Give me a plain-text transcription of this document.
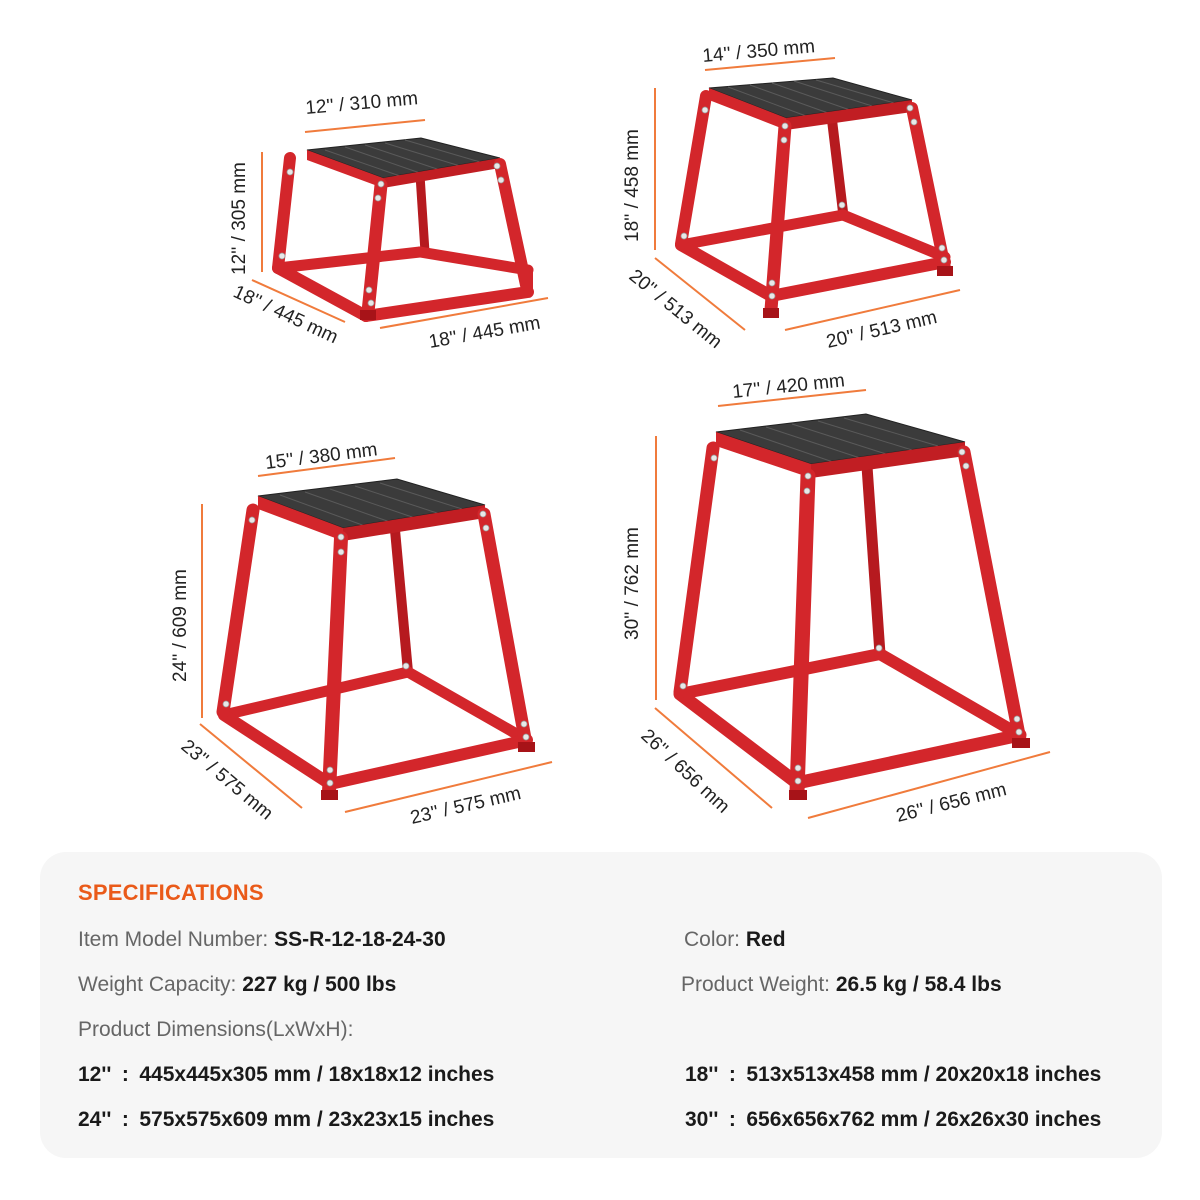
12'' / 310 mm
12'' / 305 mm
18'' / 445 mm	18'' / 445 mm
14'' / 350 mm
18'' / 458 mm
20'' / 513 mm	20'' / 513 mm
15'' / 380 mm
24'' / 609 mm
23'' / 575 mm	23'' / 575 mm
17'' / 420 mm
30'' / 762 mm
26'' / 656 mm	26'' / 656 mm
SPECIFICATIONS
Item Model Number: SS-R-12-18-24-30	Color: Red
Weight Capacity: 227 kg / 500 lbs	Product Weight: 26.5 kg / 58.4 lbs
Product Dimensions(LxWxH):
12'' : 445x445x305 mm / 18x18x12 inches	18'' : 513x513x458 mm / 20x20x18 inches
24'' : 575x575x609 mm / 23x23x15 inches	30'' : 656x656x762 mm / 26x26x30 inches
